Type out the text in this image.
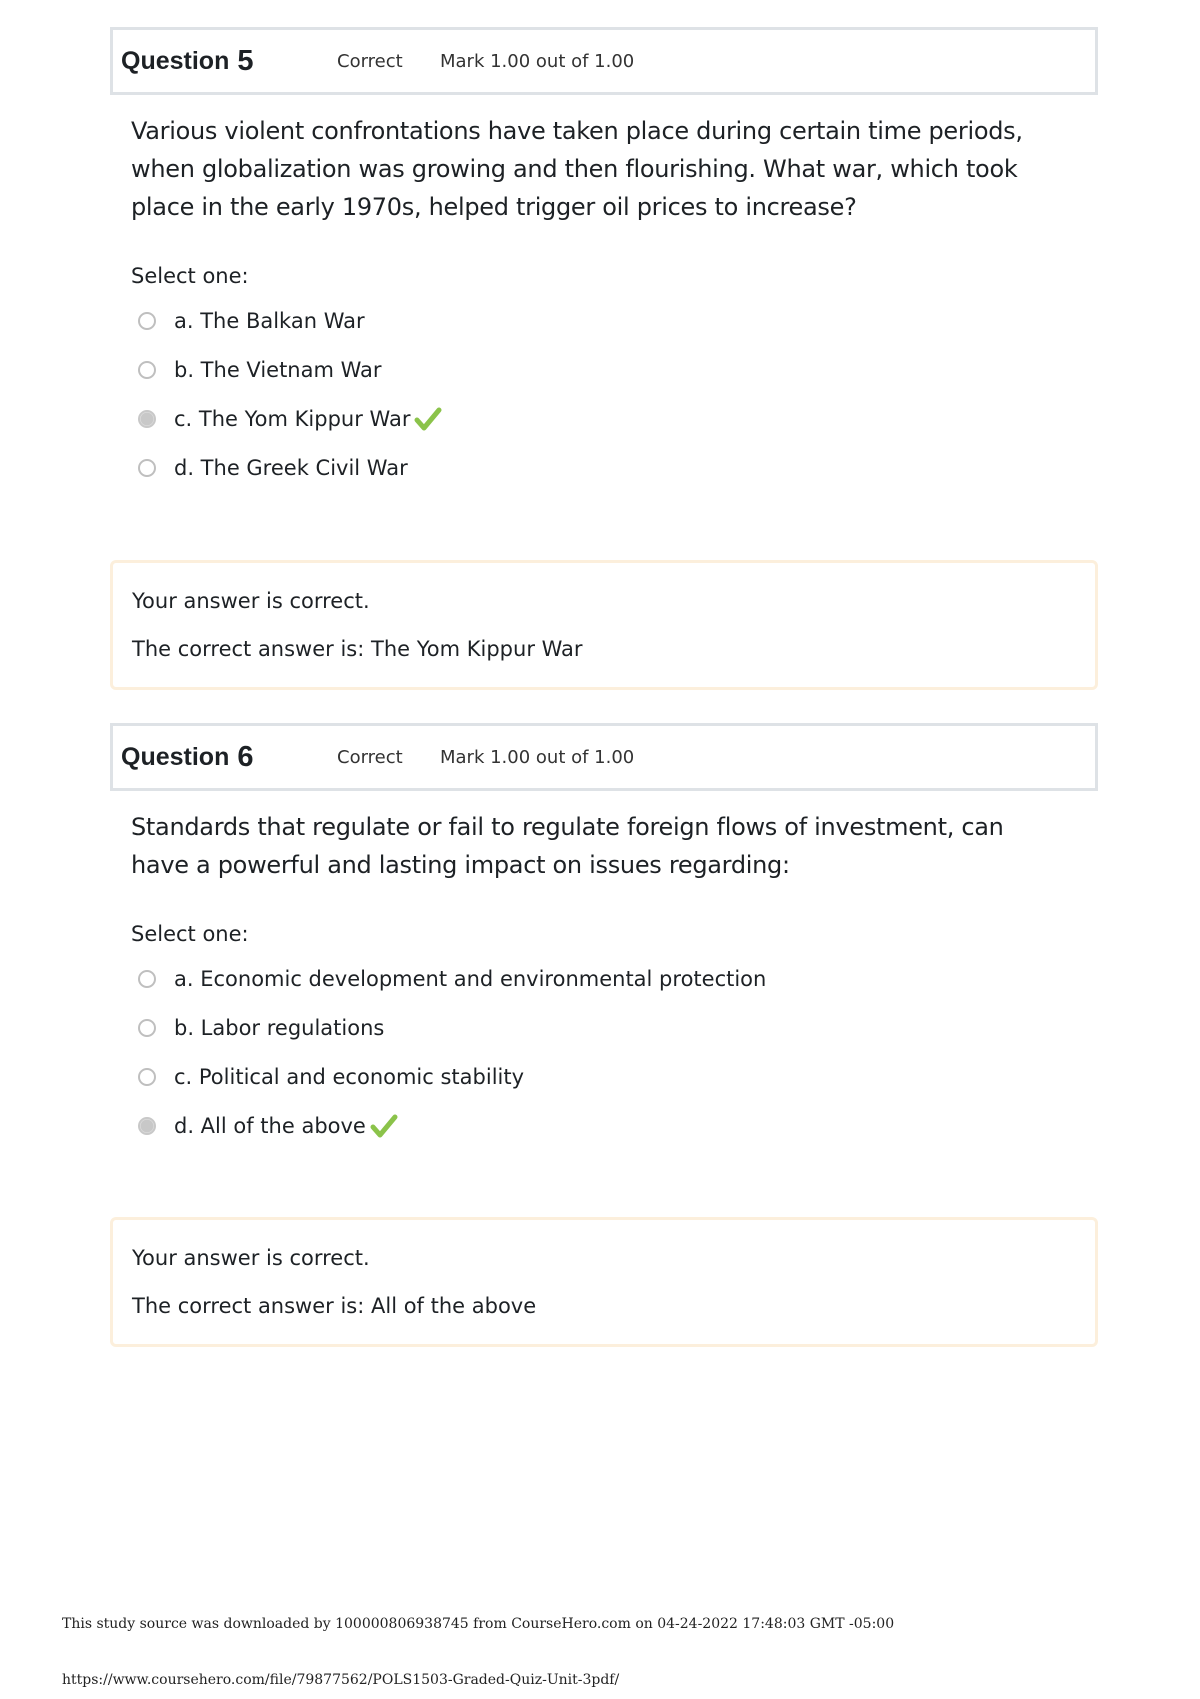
Question 5	Correct Mark 1.00 out of 1.00
Various violent confrontations have taken place during certain time periods, when globalization was growing and then flourishing. What war, which took place in the early 1970s, helped trigger oil prices to increase?
Select one:
a. The Balkan War
b. The Vietnam War
c. The Yom Kippur War
d. The Greek Civil War
Your answer is correct.
The correct answer is: The Yom Kippur War
Question 6	Correct Mark 1.00 out of 1.00
Standards that regulate or fail to regulate foreign flows of investment, can have a powerful and lasting impact on issues regarding:
Select one:
a. Economic development and environmental protection
b. Labor regulations
c. Political and economic stability
d. All of the above
Your answer is correct.
The correct answer is: All of the above
This study source was downloaded by 100000806938745 from CourseHero.com on 04-24-2022 17:48:03 GMT -05:00
https://www.coursehero.com/file/79877562/POLS1503-Graded-Quiz-Unit-3pdf/
